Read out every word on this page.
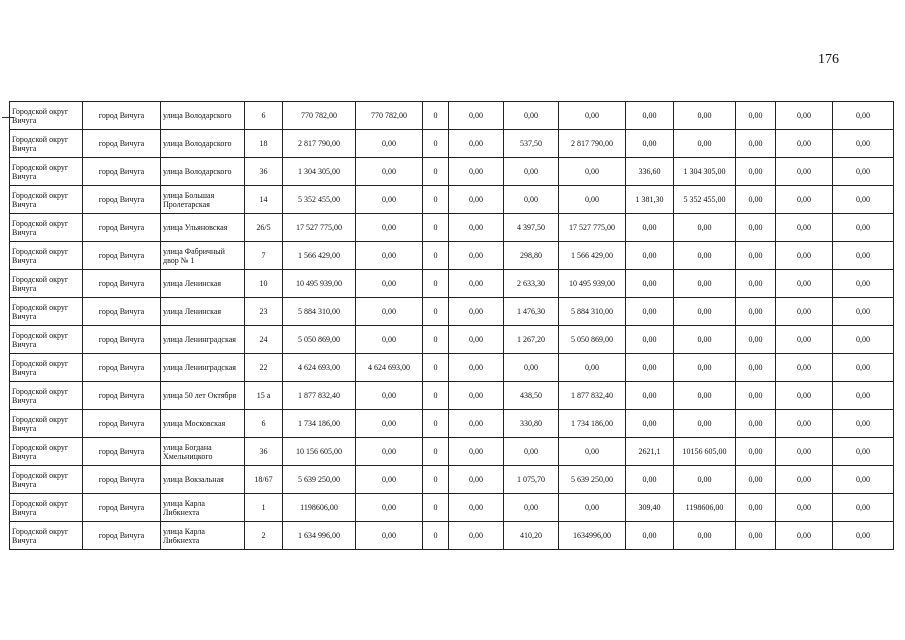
176
Городской округ Вичуга	город Вичуга	улица Володарского	6	770 782,00	770 782,00	0	0,00	0,00	0,00	0,00	0,00	0,00	0,00	0,00
Городской округ Вичуга	город Вичуга	улица Володарского	18	2 817 790,00	0,00	0	0,00	537,50	2 817 790,00	0,00	0,00	0,00	0,00	0,00
Городской округ Вичуга	город Вичуга	улица Володарского	36	1 304 305,00	0,00	0	0,00	0,00	0,00	336,60	1 304 305,00	0,00	0,00	0,00
Городской округ Вичуга	город Вичуга	улица Большая Пролетарская	14	5 352 455,00	0,00	0	0,00	0,00	0,00	1 381,30	5 352 455,00	0,00	0,00	0,00
Городской округ Вичуга	город Вичуга	улица Ульяновская	26/5	17 527 775,00	0,00	0	0,00	4 397,50	17 527 775,00	0,00	0,00	0,00	0,00	0,00
Городской округ Вичуга	город Вичуга	улица Фабричный двор № 1	7	1 566 429,00	0,00	0	0,00	298,80	1 566 429,00	0,00	0,00	0,00	0,00	0,00
Городской округ Вичуга	город Вичуга	улица Ленинская	10	10 495 939,00	0,00	0	0,00	2 633,30	10 495 939,00	0,00	0,00	0,00	0,00	0,00
Городской округ Вичуга	город Вичуга	улица Ленинская	23	5 884 310,00	0,00	0	0,00	1 476,30	5 884 310,00	0,00	0,00	0,00	0,00	0,00
Городской округ Вичуга	город Вичуга	улица Ленинградская	24	5 050 869,00	0,00	0	0,00	1 267,20	5 050 869,00	0,00	0,00	0,00	0,00	0,00
Городской округ Вичуга	город Вичуга	улица Ленинградская	22	4 624 693,00	4 624 693,00	0	0,00	0,00	0,00	0,00	0,00	0,00	0,00	0,00
Городской округ Вичуга	город Вичуга	улица 50 лет Октября	15 а	1 877 832,40	0,00	0	0,00	438,50	1 877 832,40	0,00	0,00	0,00	0,00	0,00
Городской округ Вичуга	город Вичуга	улица Московская	6	1 734 186,00	0,00	0	0,00	330,80	1 734 186,00	0,00	0,00	0,00	0,00	0,00
Городской округ Вичуга	город Вичуга	улица Богдана Хмельницкого	36	10 156 605,00	0,00	0	0,00	0,00	0,00	2621,1	10156 605,00	0,00	0,00	0,00
Городской округ Вичуга	город Вичуга	улица Вокзальная	18/67	5 639 250,00	0,00	0	0,00	1 075,70	5 639 250,00	0,00	0,00	0,00	0,00	0,00
Городской округ Вичуга	город Вичуга	улица Карла Либкнехта	1	1198606,00	0,00	0	0,00	0,00	0,00	309,40	1198606,00	0,00	0,00	0,00
Городской округ Вичуга	город Вичуга	улица Карла Либкнехта	2	1 634 996,00	0,00	0	0,00	410,20	1634996,00	0,00	0,00	0,00	0,00	0,00
